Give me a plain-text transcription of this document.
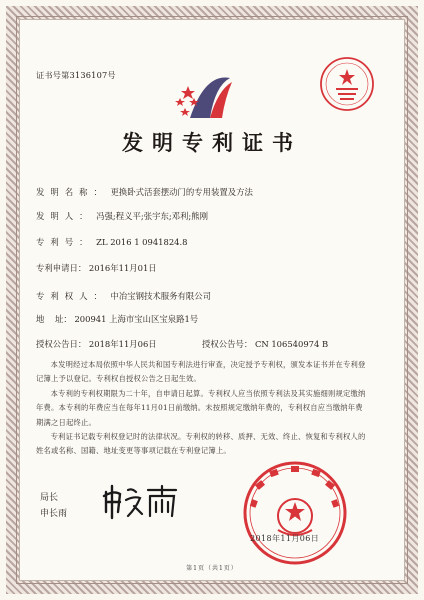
证书号第3136107号
发明专利证书
发明名称： 更换卧式活套摆动门的专用装置及方法
发明人： 冯强;程义平;张宇东;邓利;熊刚
专利号： ZL 2016 1 0941824.8
专利申请日： 2016年11月01日
专利权人： 中冶宝钢技术服务有限公司
地    址： 200941 上海市宝山区宝泉路1号
授权公告日： 2018年11月06日	授权公告号： CN 106540974 B

本发明经过本局依照中华人民共和国专利法进行审查，决定授予专利权，颁发本证书并在专利登记簿上予以登记。专利权自授权公告之日起生效。

本专利的专利权期限为二十年，自申请日起算。专利权人应当依照专利法及其实施细则规定缴纳年费。本专利的年费应当在每年11月01日前缴纳。未按照规定缴纳年费的，专利权自应当缴纳年费期满之日起终止。

专利证书记载专利权登记时的法律状况。专利权的转移、质押、无效、终止、恢复和专利权人的姓名或名称、国籍、地址变更等事项记载在专利登记簿上。

局长
申长雨
2018年11月06日
第1页（共1页）
